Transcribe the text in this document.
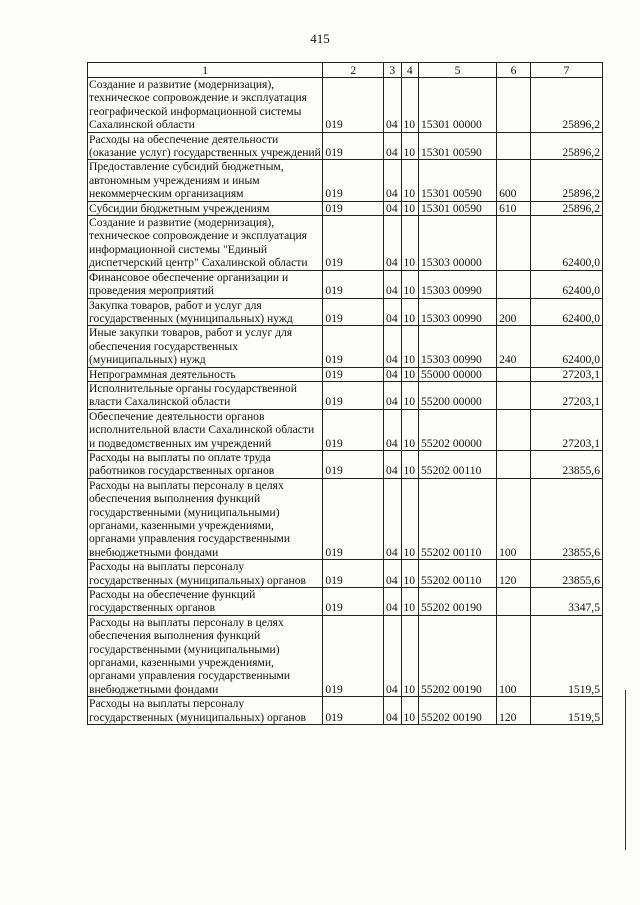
415
1	2	3	4	5	6	7
Создание и развитие (модернизация), техническое сопровождение и эксплуатация географической информационной системы Сахалинской области	019	04	10	15301 00000		25896,2
Расходы на обеспечение деятельности (оказание услуг) государственных учреждений	019	04	10	15301 00590		25896,2
Предоставление субсидий бюджетным, автономным учреждениям и иным некоммерческим организациям	019	04	10	15301 00590	600	25896,2
Субсидии бюджетным учреждениям	019	04	10	15301 00590	610	25896,2
Создание и развитие (модернизация), техническое сопровождение и эксплуатация информационной системы "Единый диспетчерский центр" Сахалинской области	019	04	10	15303 00000		62400,0
Финансовое обеспечение организации и проведения мероприятий	019	04	10	15303 00990		62400,0
Закупка товаров, работ и услуг для государственных (муниципальных) нужд	019	04	10	15303 00990	200	62400,0
Иные закупки товаров, работ и услуг для обеспечения государственных (муниципальных) нужд	019	04	10	15303 00990	240	62400,0
Непрограммная деятельность	019	04	10	55000 00000		27203,1
Исполнительные органы государственной власти Сахалинской области	019	04	10	55200 00000		27203,1
Обеспечение деятельности органов исполнительной власти Сахалинской области и подведомственных им учреждений	019	04	10	55202 00000		27203,1
Расходы на выплаты по оплате труда работников государственных органов	019	04	10	55202 00110		23855,6
Расходы на выплаты персоналу в целях обеспечения выполнения функций государственными (муниципальными) органами, казенными учреждениями, органами управления государственными внебюджетными фондами	019	04	10	55202 00110	100	23855,6
Расходы на выплаты персоналу государственных (муниципальных) органов	019	04	10	55202 00110	120	23855,6
Расходы на обеспечение функций государственных органов	019	04	10	55202 00190		3347,5
Расходы на выплаты персоналу в целях обеспечения выполнения функций государственными (муниципальными) органами, казенными учреждениями, органами управления государственными внебюджетными фондами	019	04	10	55202 00190	100	1519,5
Расходы на выплаты персоналу государственных (муниципальных) органов	019	04	10	55202 00190	120	1519,5
